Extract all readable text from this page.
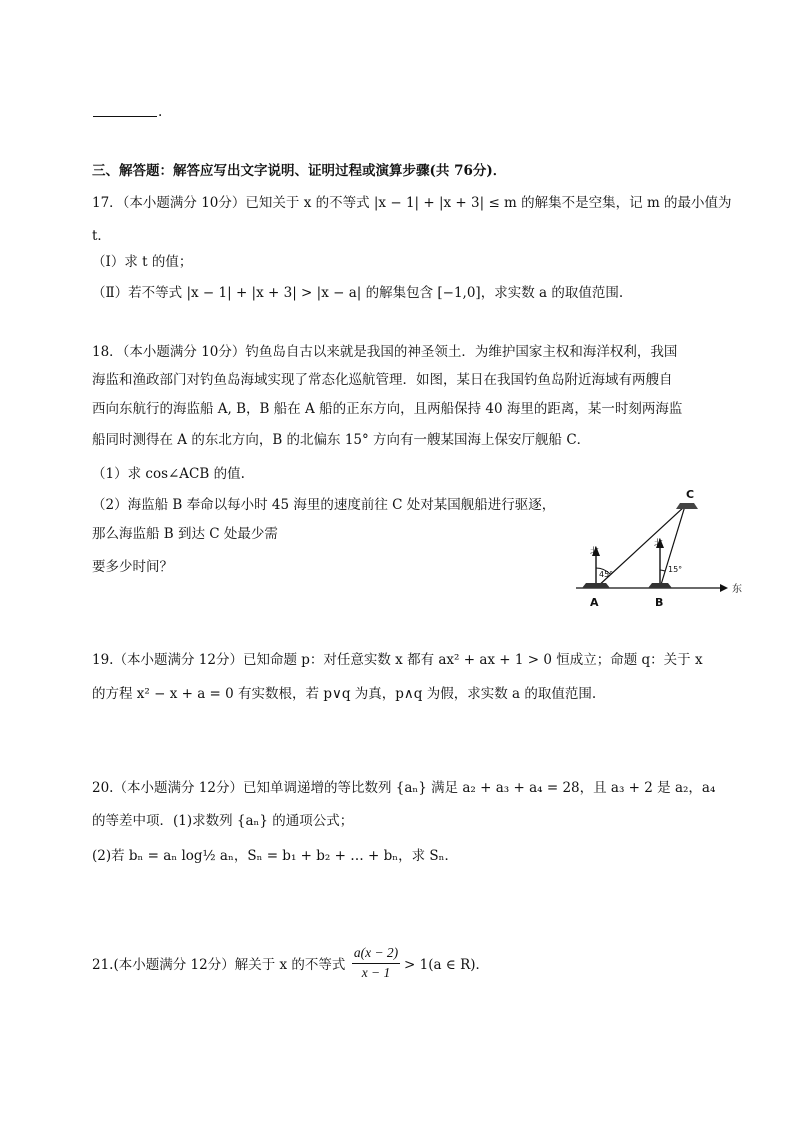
.
三、解答题：解答应写出文字说明、证明过程或演算步骤(共 76分)．
17．（本小题满分 10分）已知关于 x 的不等式 |x − 1| + |x + 3| ≤ m 的解集不是空集，记 m 的最小值为
t．
（Ⅰ）求 t 的值；
（Ⅱ）若不等式 |x − 1| + |x + 3| > |x − a| 的解集包含 [−1,0]，求实数 a 的取值范围.
18．（本小题满分 10分）钓鱼岛自古以来就是我国的神圣领土．为维护国家主权和海洋权利，我国
海监和渔政部门对钓鱼岛海域实现了常态化巡航管理．如图，某日在我国钓鱼岛附近海域有两艘自
西向东航行的海监船 A, B，B 船在 A 船的正东方向，且两船保持 40 海里的距离，某一时刻两海监
船同时测得在 A 的东北方向，B 的北偏东 15° 方向有一艘某国海上保安厅舰船 C．
（1）求 cos∠ACB 的值.
（2）海监船 B 奉命以每小时 45 海里的速度前往 C 处对某国舰船进行驱逐，
那么海监船 B 到达 C 处最少需
要多少时间？
A	B
C
北
北
45°
15°
东
19.（本小题满分 12分）已知命题 p：对任意实数 x 都有 ax² + ax + 1 > 0 恒成立；命题 q：关于 x
的方程 x² − x + a = 0 有实数根，若 p∨q 为真，p∧q 为假，求实数 a 的取值范围.
20.（本小题满分 12分）已知单调递增的等比数列 {aₙ} 满足 a₂ + a₃ + a₄ = 28，且 a₃ + 2 是 a₂，a₄
的等差中项．(1)求数列 {aₙ} 的通项公式；
(2)若 bₙ = aₙ log½ aₙ，Sₙ = b₁ + b₂ + … + bₙ，求 Sₙ．
21.(本小题满分 12分）解关于 x 的不等式 $\frac{a(x - 2)}{x - 1} > 1(a$ ∈ R)．
